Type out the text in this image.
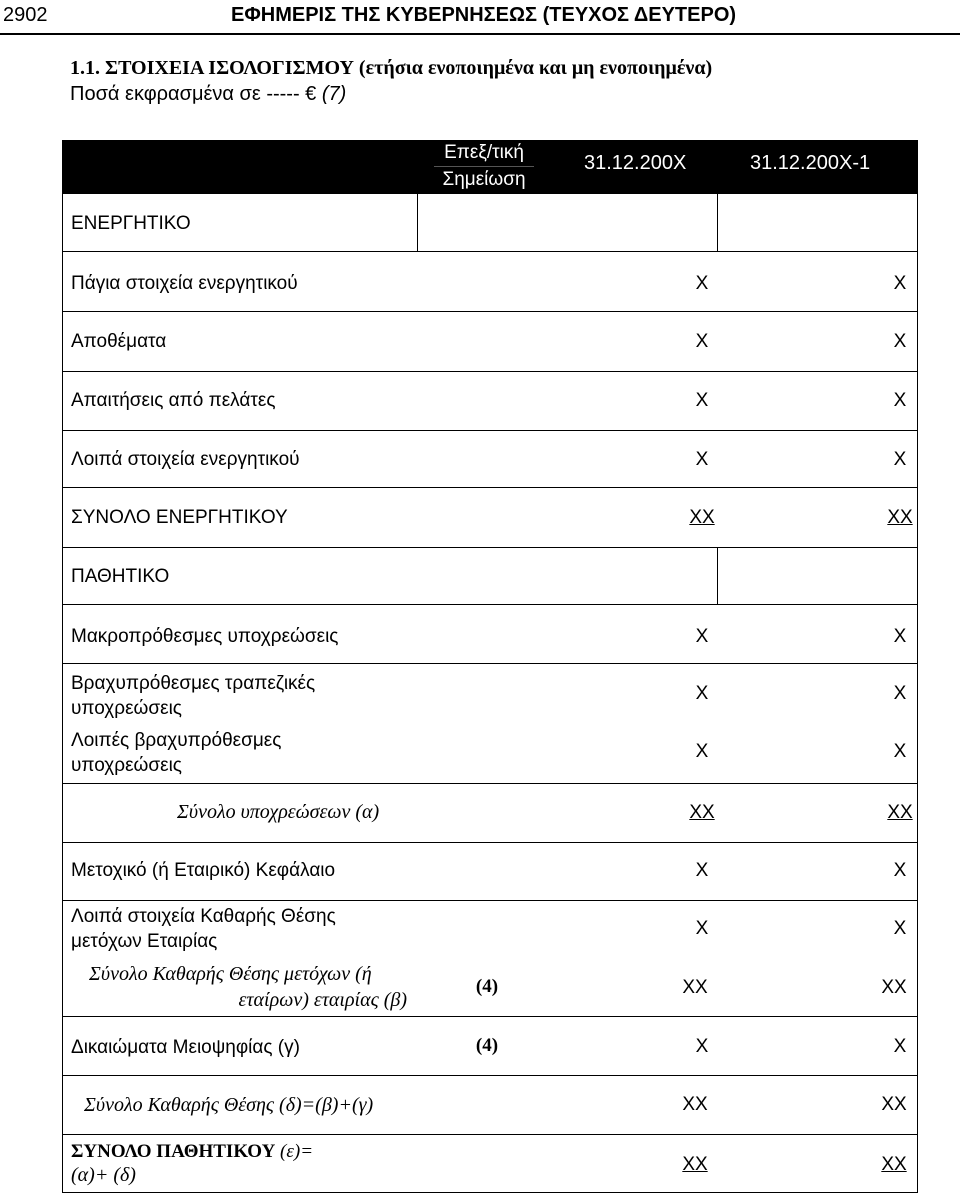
2902	ΕΦΗΜΕΡΙΣ ΤΗΣ ΚΥΒΕΡΝΗΣΕΩΣ (ΤΕΥΧΟΣ ΔΕΥΤΕΡΟ)
1.1. ΣΤΟΙΧΕΙΑ ΙΣΟΛΟΓΙΣΜΟΥ (ετήσια ενοποιημένα και μη ενοποιημένα)
Ποσά εκφρασμένα σε ----- € (7)
Επεξ/τική
Σημείωση
31.12.200X	31.12.200X-1
ΕΝΕΡΓΗΤΙΚΟ
Πάγια στοιχεία ενεργητικού	X	X
Αποθέματα	X	X
Απαιτήσεις από πελάτες	X	X
Λοιπά στοιχεία ενεργητικού	X	X
ΣΥΝΟΛΟ ΕΝΕΡΓΗΤΙΚΟΥ	XX	XX
ΠΑΘΗΤΙΚΟ
Μακροπρόθεσμες υποχρεώσεις	X	X
Βραχυπρόθεσμες τραπεζικές
υποχρεώσεις
X	X
Λοιπές βραχυπρόθεσμες
υποχρεώσεις
X	X
Σύνολο υποχρεώσεων (α)	XX	XX
Μετοχικό (ή Εταιρικό) Κεφάλαιο	X	X
Λοιπά στοιχεία Καθαρής Θέσης
μετόχων Εταιρίας
X	X
Σύνολο Καθαρής Θέσης μετόχων (ή
εταίρων) εταιρίας (β)
(4)	XX	XX
Δικαιώματα Μειοψηφίας (γ)	(4)	X	X
Σύνολο Καθαρής Θέσης (δ)=(β)+(γ)	XX	XX
ΣΥΝΟΛΟ ΠΑΘΗΤΙΚΟΥ (ε)=
(α)+ (δ)	XX	XX
